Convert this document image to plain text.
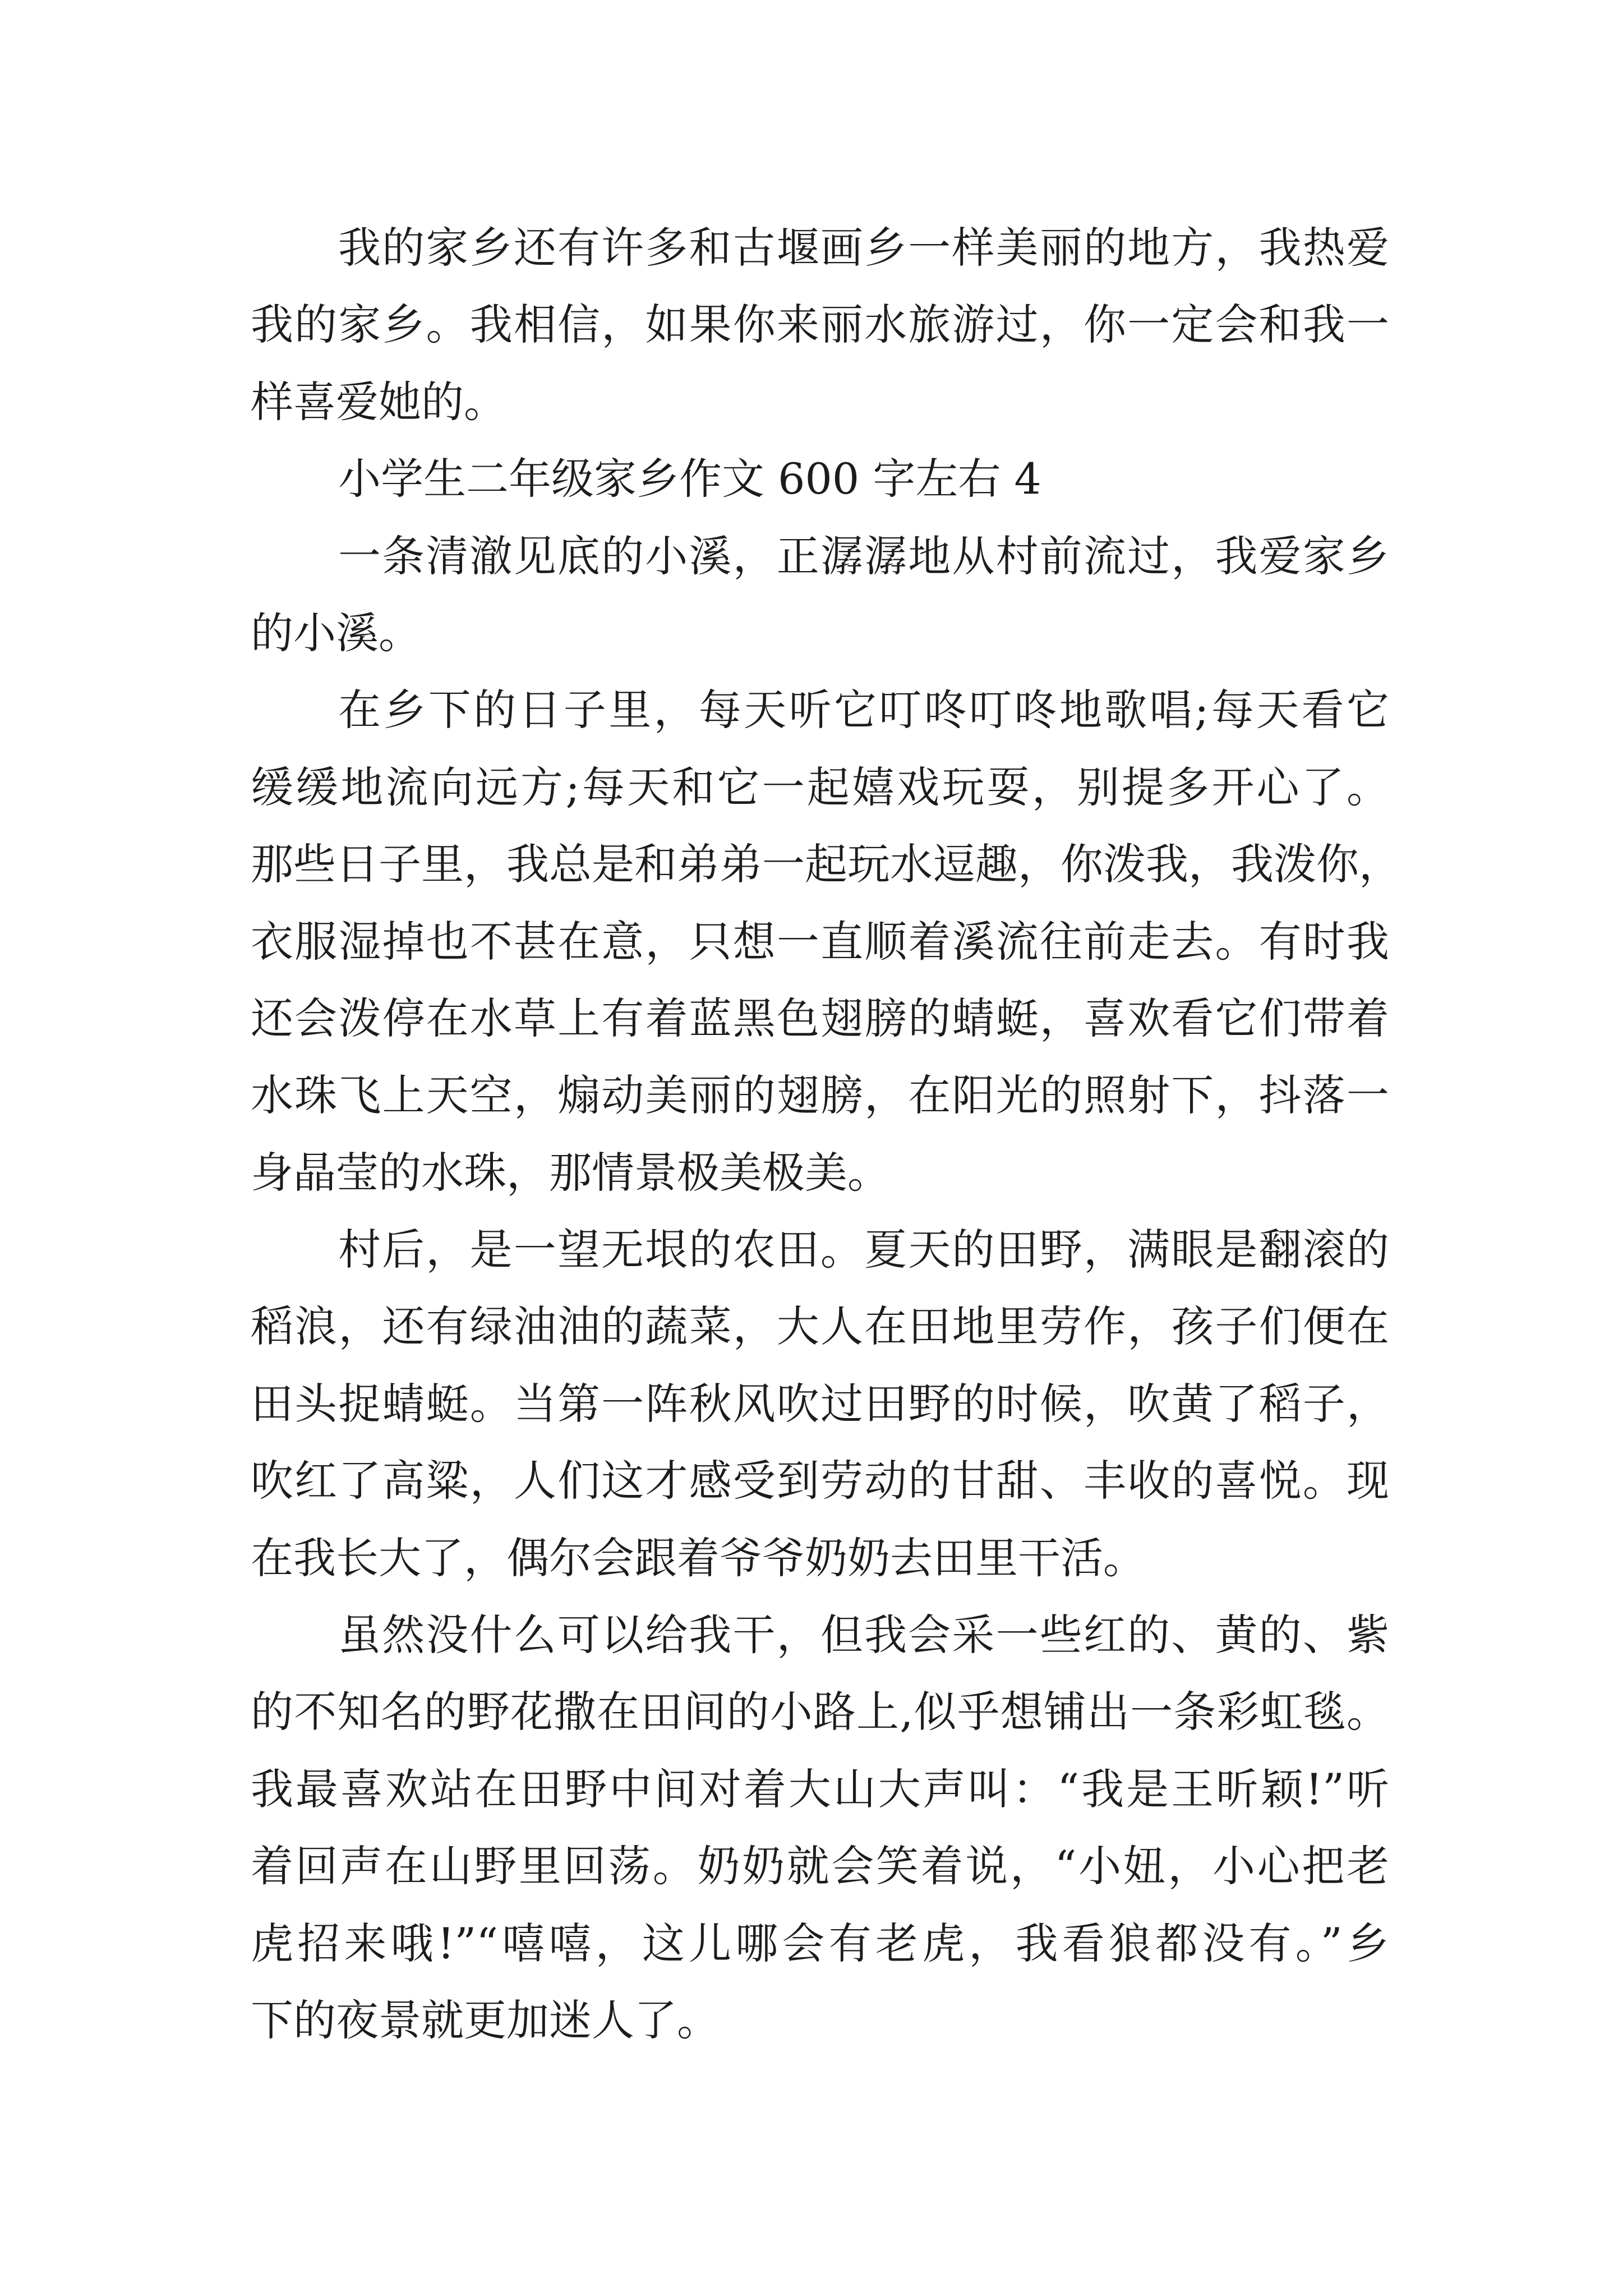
我的家乡还有许多和古堰画乡一样美丽的地方，我热爱
我的家乡。我相信，如果你来丽水旅游过，你一定会和我一
样喜爱她的。
小学生二年级家乡作文 600 字左右 4
一条清澈见底的小溪，正潺潺地从村前流过，我爱家乡
的小溪。
在乡下的日子里，每天听它叮咚叮咚地歌唱;每天看它
缓缓地流向远方;每天和它一起嬉戏玩耍，别提多开心了。
那些日子里，我总是和弟弟一起玩水逗趣，你泼我，我泼你，
衣服湿掉也不甚在意，只想一直顺着溪流往前走去。有时我
还会泼停在水草上有着蓝黑色翅膀的蜻蜓，喜欢看它们带着
水珠飞上天空，煽动美丽的翅膀，在阳光的照射下，抖落一
身晶莹的水珠，那情景极美极美。
村后，是一望无垠的农田。夏天的田野，满眼是翻滚的
稻浪，还有绿油油的蔬菜，大人在田地里劳作，孩子们便在
田头捉蜻蜓。当第一阵秋风吹过田野的时候，吹黄了稻子，
吹红了高粱，人们这才感受到劳动的甘甜、丰收的喜悦。现
在我长大了，偶尔会跟着爷爷奶奶去田里干活。
虽然没什么可以给我干，但我会采一些红的、黄的、紫
的不知名的野花撒在田间的小路上,似乎想铺出一条彩虹毯。
我最喜欢站在田野中间对着大山大声叫：“我是王昕颖!”听
着回声在山野里回荡。奶奶就会笑着说，“小妞，小心把老
虎招来哦!”“嘻嘻，这儿哪会有老虎，我看狼都没有。”乡
下的夜景就更加迷人了。
